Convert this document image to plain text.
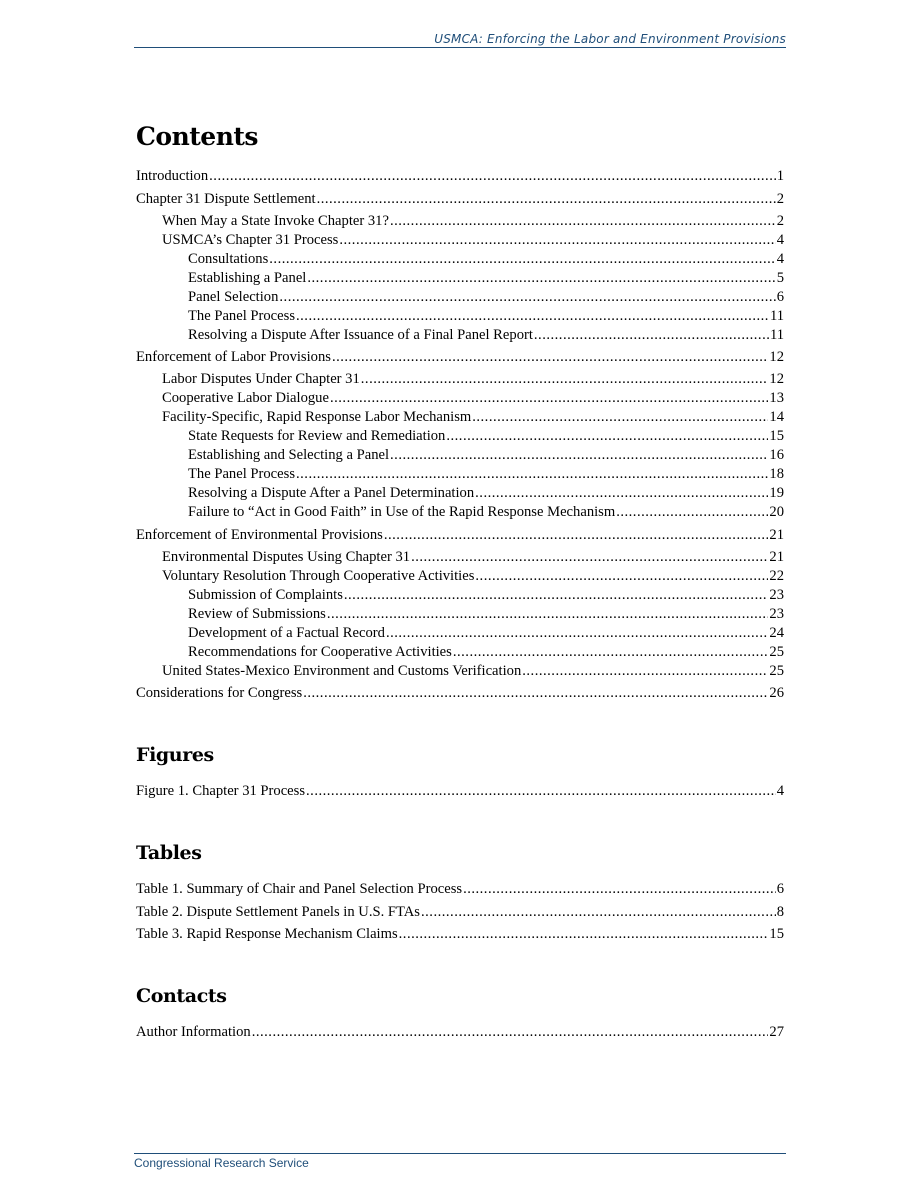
USMCA: Enforcing the Labor and Environment Provisions
Contents
Introduction .....	1
Chapter 31 Dispute Settlement .....	2
When May a State Invoke Chapter 31? .....	2
USMCA’s Chapter 31 Process .....	4
Consultations .....	4
Establishing a Panel .....	5
Panel Selection .....	6
The Panel Process .....	11
Resolving a Dispute After Issuance of a Final Panel Report .....	11
Enforcement of Labor Provisions .....	12
Labor Disputes Under Chapter 31 .....	12
Cooperative Labor Dialogue .....	13
Facility-Specific, Rapid Response Labor Mechanism .....	14
State Requests for Review and Remediation .....	15
Establishing and Selecting a Panel .....	16
The Panel Process .....	18
Resolving a Dispute After a Panel Determination .....	19
Failure to “Act in Good Faith” in Use of the Rapid Response Mechanism .....	20
Enforcement of Environmental Provisions .....	21
Environmental Disputes Using Chapter 31 .....	21
Voluntary Resolution Through Cooperative Activities .....	22
Submission of Complaints .....	23
Review of Submissions .....	23
Development of a Factual Record .....	24
Recommendations for Cooperative Activities .....	25
United States-Mexico Environment and Customs Verification .....	25
Considerations for Congress .....	26
Figures
Figure 1. Chapter 31 Process .....	4
Tables
Table 1. Summary of Chair and Panel Selection Process .....	6
Table 2. Dispute Settlement Panels in U.S. FTAs .....	8
Table 3. Rapid Response Mechanism Claims .....	15
Contacts
Author Information .....	27
Congressional Research Service
